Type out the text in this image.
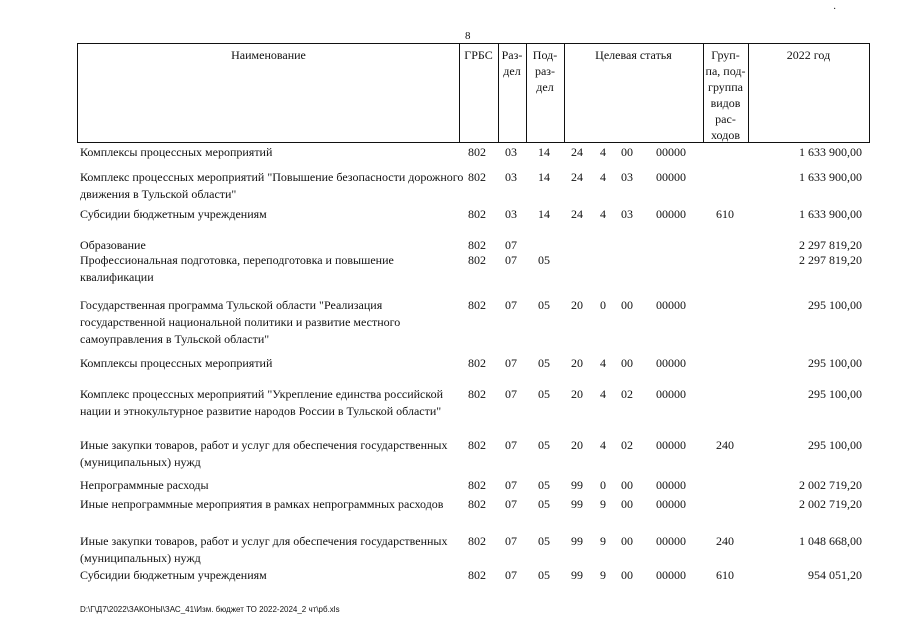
8
·
Наименование	ГРБС Раз-
дел
Под-
раз-
дел
Целевая статья	Груп-
па, под-
группа
видов
рас-
ходов
2022 год
Комплексы процессных мероприятий	802 03 14 24 4 00 00000	1 633 900,00
Комплекс процессных мероприятий "Повышение безопасности дорожного движения в Тульской области"
802 03 14 24 4 03 00000	1 633 900,00
Субсидии бюджетным учреждениям	802 03 14 24 4 03 00000	610	1 633 900,00
Образование	802 07	2 297 819,20
Профессиональная подготовка, переподготовка и повышение квалификации
802 07 05	2 297 819,20
Государственная программа Тульской области "Реализация государственной национальной политики и развитие местного самоуправления в Тульской области"
802 07 05 20 0 00 00000	295 100,00
Комплексы процессных мероприятий	802 07 05 20 4 00 00000	295 100,00
Комплекс процессных мероприятий "Укрепление единства российской нации и этнокультурное развитие народов России в Тульской области"
802 07 05 20 4 02 00000	295 100,00
Иные закупки товаров, работ и услуг для обеспечения государственных (муниципальных) нужд
802 07 05 20 4 02 00000	240	295 100,00
Непрограммные расходы	802 07 05 99 0 00 00000	2 002 719,20
Иные непрограммные мероприятия в рамках непрограммных расходов	802 07 05 99 9 00 00000	2 002 719,20
Иные закупки товаров, работ и услуг для обеспечения государственных (муниципальных) нужд
802 07 05 99 9 00 00000	240	1 048 668,00
Субсидии бюджетным учреждениям	802 07 05 99 9 00 00000	610	954 051,20
D:\Г\Д7\2022\ЗАКОНЫ\ЗАС_41\Изм. бюджет ТО 2022-2024_2 чт\рб.xls
